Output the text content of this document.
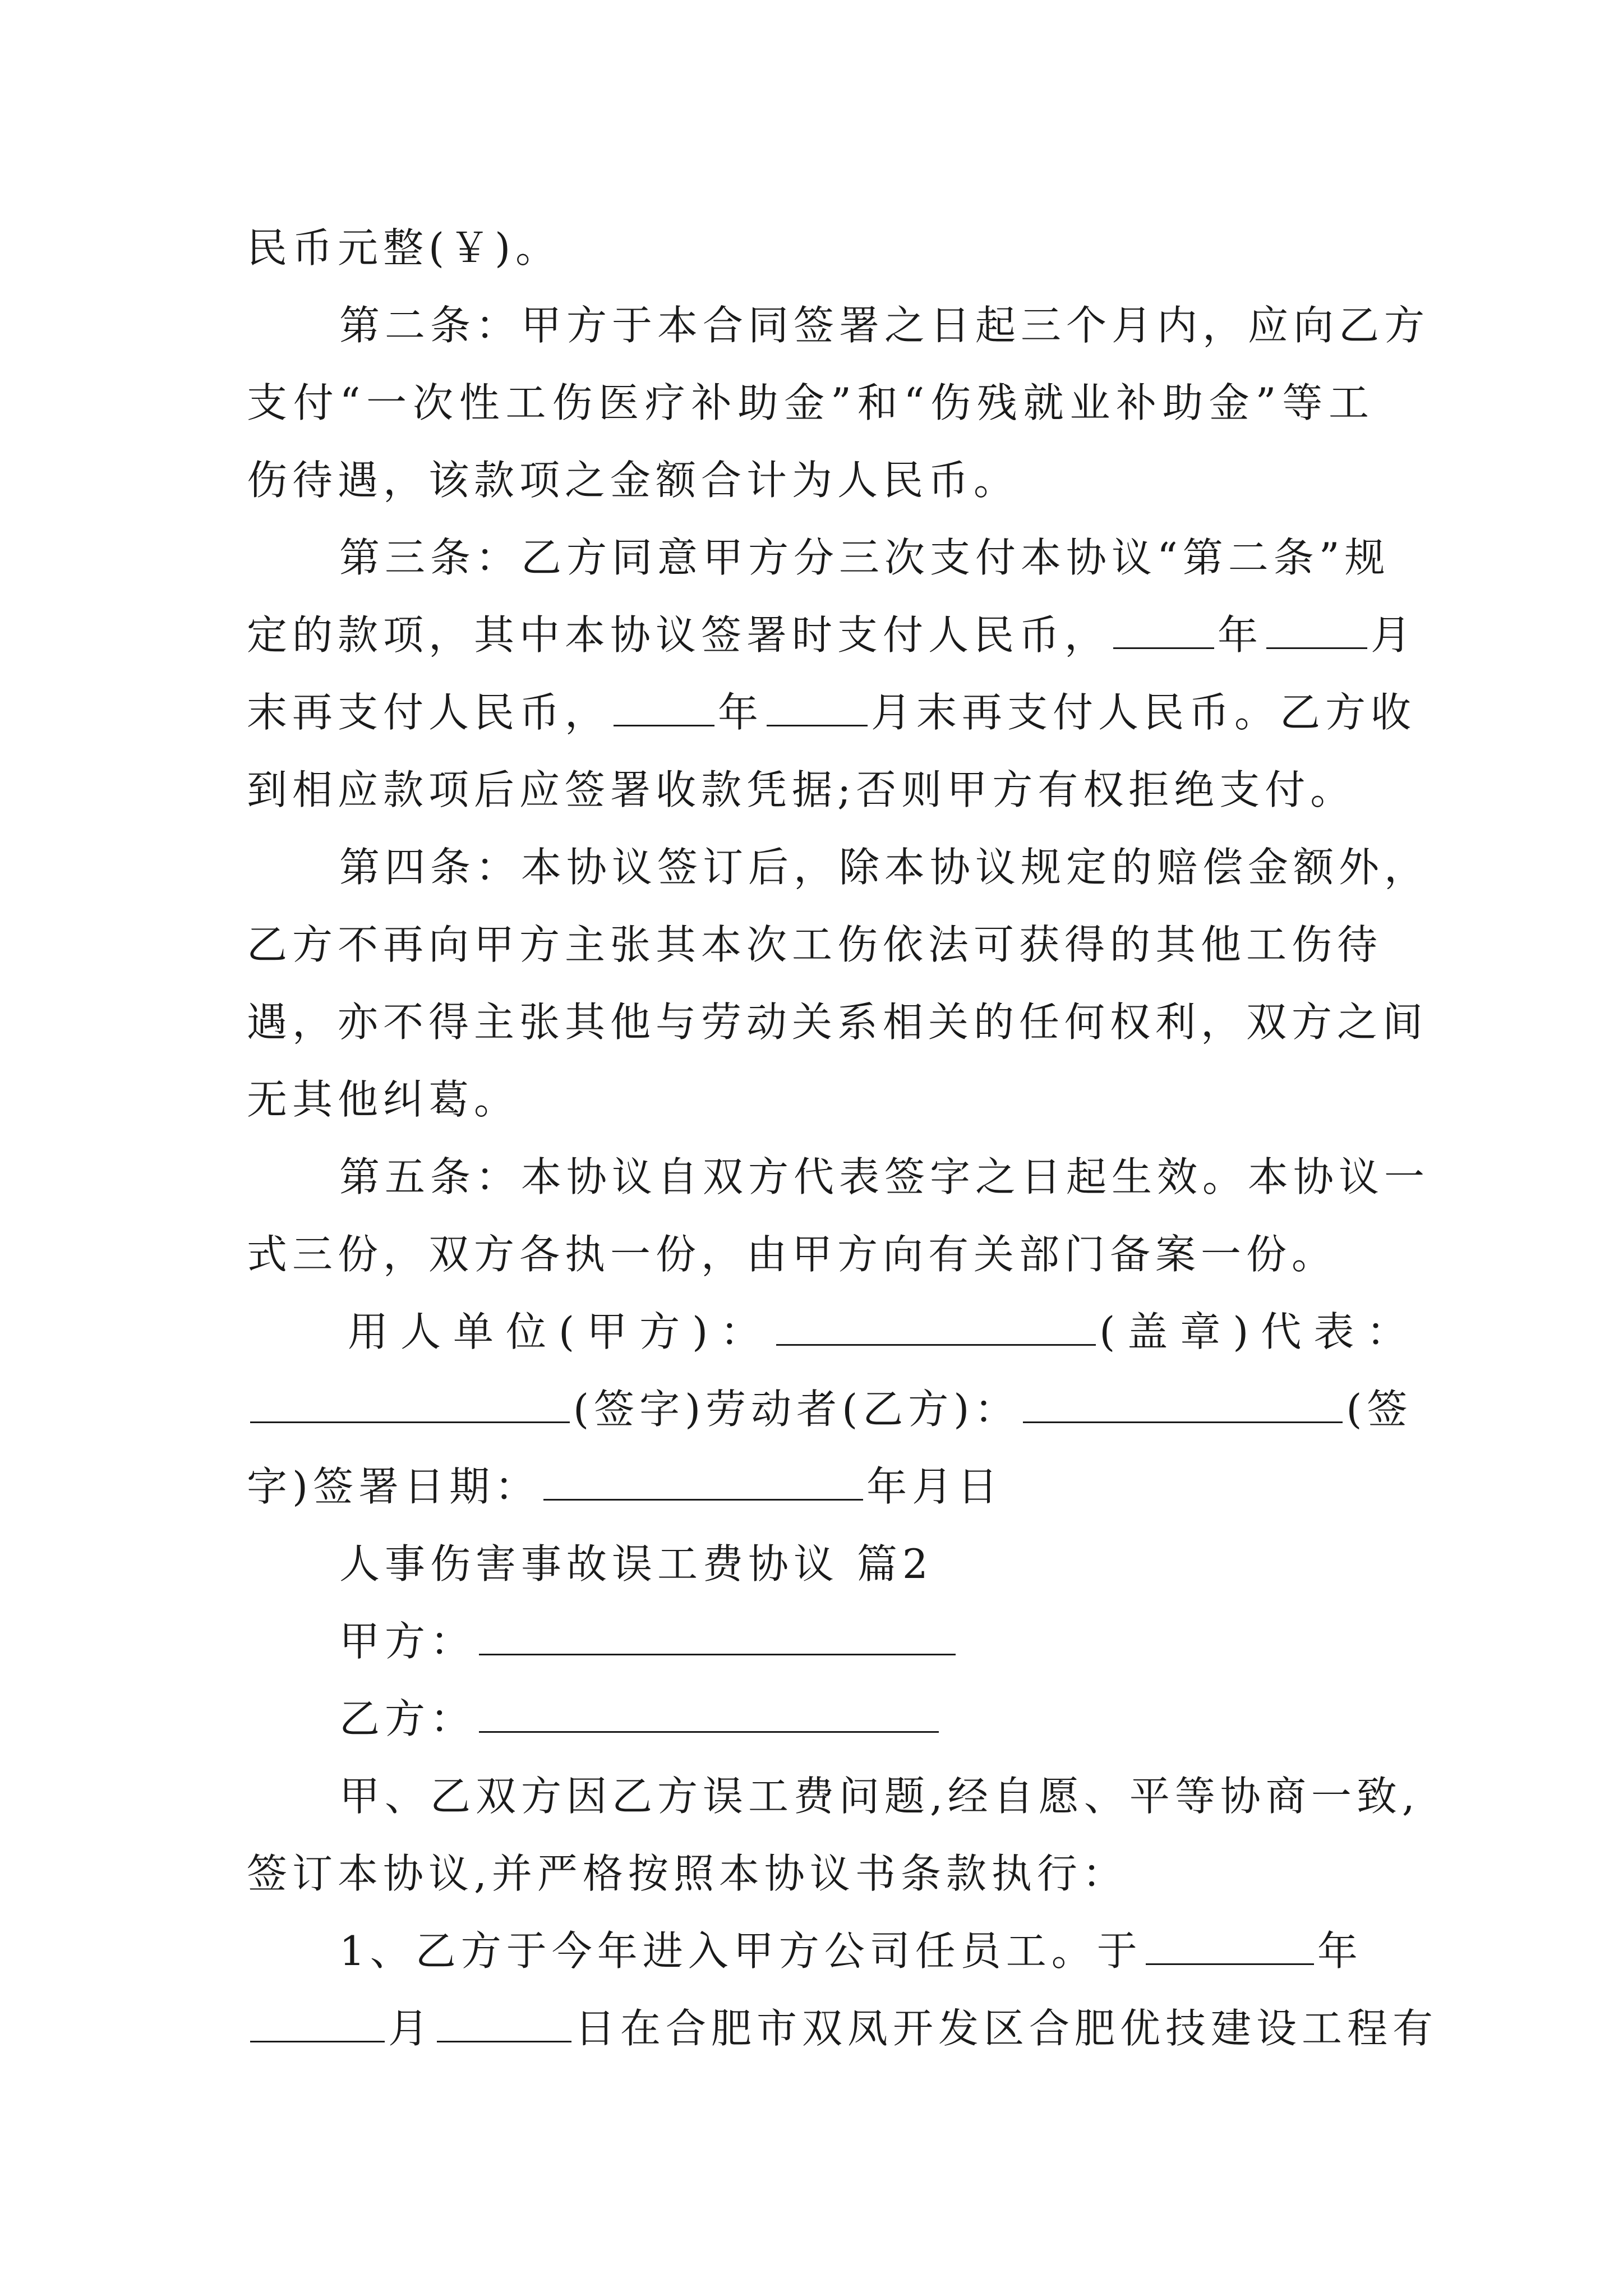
民币元整(￥)。
第二条：甲方于本合同签署之日起三个月内，应向乙方
支付“一次性工伤医疗补助金”和“伤残就业补助金”等工
伤待遇，该款项之金额合计为人民币。
第三条：乙方同意甲方分三次支付本协议“第二条”规
定的款项，其中本协议签署时支付人民币，	年	月
末再支付人民币，	年	月末再支付人民币。乙方收
到相应款项后应签署收款凭据;否则甲方有权拒绝支付。
第四条：本协议签订后，除本协议规定的赔偿金额外，
乙方不再向甲方主张其本次工伤依法可获得的其他工伤待
遇，亦不得主张其他与劳动关系相关的任何权利，双方之间
无其他纠葛。
第五条：本协议自双方代表签字之日起生效。本协议一
式三份，双方各执一份，由甲方向有关部门备案一份。
用人单位(甲方)：	(盖章)代表：
(签字)劳动者(乙方)：	(签
字)签署日期：	年月日
人事伤害事故误工费协议 篇2
甲方：
乙方：
甲、乙双方因乙方误工费问题,经自愿、平等协商一致,
签订本协议,并严格按照本协议书条款执行：
1、乙方于今年进入甲方公司任员工。于	年
月	日在合肥市双凤开发区合肥优技建设工程有
